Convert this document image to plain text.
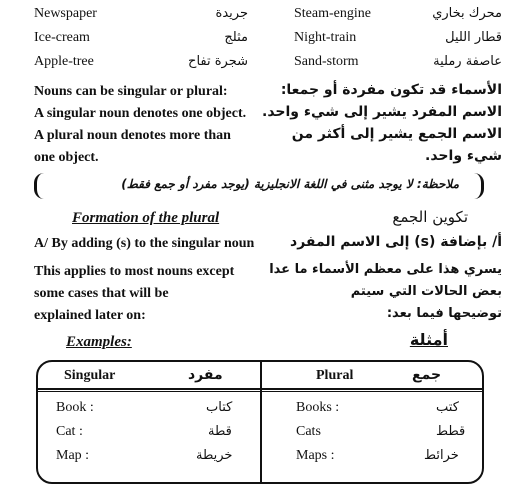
Newspaper	جريدة	Steam-engine	محرك بخاري
Ice-cream	مثلج	Night-train	قطار الليل
Apple-tree	شجرة تفاح	Sand-storm	عاصفة رملية
Nouns can be singular or plural:
A singular noun denotes one object.
A plural noun denotes more than
one object.
الأسماء قد تكون مفردة أو جمعا:
الاسم المفرد يشير إلى شيء واحد.
الاسم الجمع يشير إلى أكثر من
شيء واحد.
ملاحظة: لا يوجد مثنى في اللغة الانجليزية (يوجد مفرد أو جمع فقط)
Formation of the plural	تكوين الجمع
A/ By adding (s) to the singular noun	أ/ بإضافة (s) إلى الاسم المفرد
This applies to most nouns except
some cases that will be
explained later on:
يسري هذا على معظم الأسماء ما عدا
بعض الحالات التي سيتم
توضيحها فيما بعد:
Examples:	أمثلة
Singular	مفرد	Plural	جمع
Book :	كتاب	Books :	كتب
Cat :	قطة	Cats	قطط
Map :	خريطة	Maps :	خرائط
